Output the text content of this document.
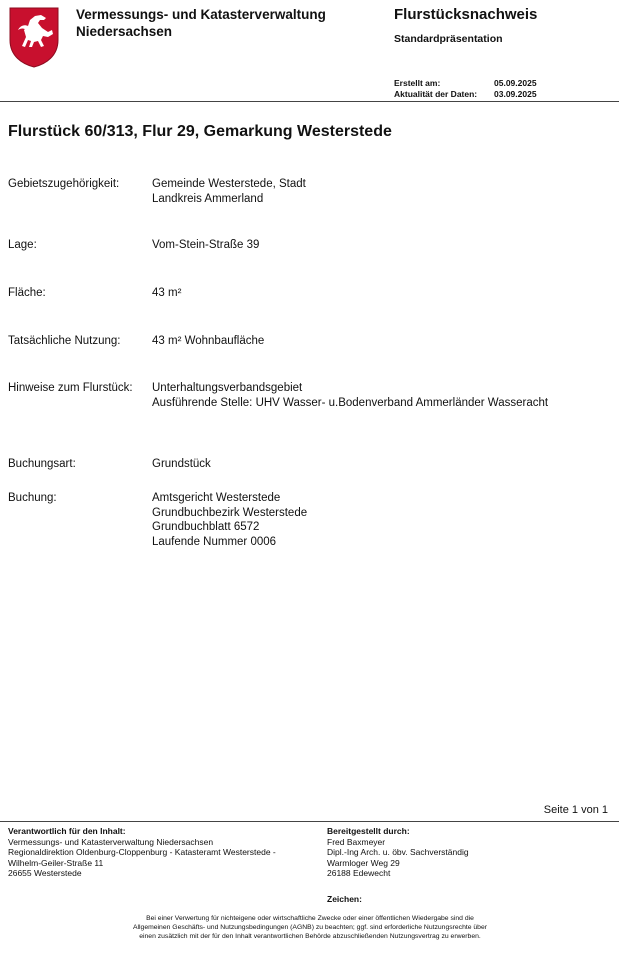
Vermessungs- und Katasterverwaltung
Niedersachsen
Flurstücksnachweis
Standardpräsentation
Erstellt am:	05.09.2025
Aktualität der Daten:	03.09.2025
Flurstück 60/313, Flur 29, Gemarkung Westerstede
Gebietszugehörigkeit:	Gemeinde Westerstede, Stadt
Landkreis Ammerland
Lage:	Vom-Stein-Straße 39
Fläche:	43 m²
Tatsächliche Nutzung:	43 m² Wohnbaufläche
Hinweise zum Flurstück:	Unterhaltungsverbandsgebiet
Ausführende Stelle: UHV Wasser- u.Bodenverband Ammerländer Wasseracht
Buchungsart:	Grundstück
Buchung:	Amtsgericht Westerstede
Grundbuchbezirk Westerstede
Grundbuchblatt 6572
Laufende Nummer 0006
Seite 1 von 1
Verantwortlich für den Inhalt:
Vermessungs- und Katasterverwaltung Niedersachsen
Regionaldirektion Oldenburg-Cloppenburg - Katasteramt Westerstede -
Wilhelm-Geiler-Straße 11
26655 Westerstede
Bereitgestellt durch:
Fred Baxmeyer
Dipl.-Ing Arch. u. öbv. Sachverständig
Warmloger Weg 29
26188 Edewecht
Zeichen:
Bei einer Verwertung für nichteigene oder wirtschaftliche Zwecke oder einer öffentlichen Wiedergabe sind die
Allgemeinen Geschäfts- und Nutzungsbedingungen (AGNB) zu beachten; ggf. sind erforderliche Nutzungsrechte über
einen zusätzlich mit der für den Inhalt verantwortlichen Behörde abzuschließenden Nutzungsvertrag zu erwerben.
